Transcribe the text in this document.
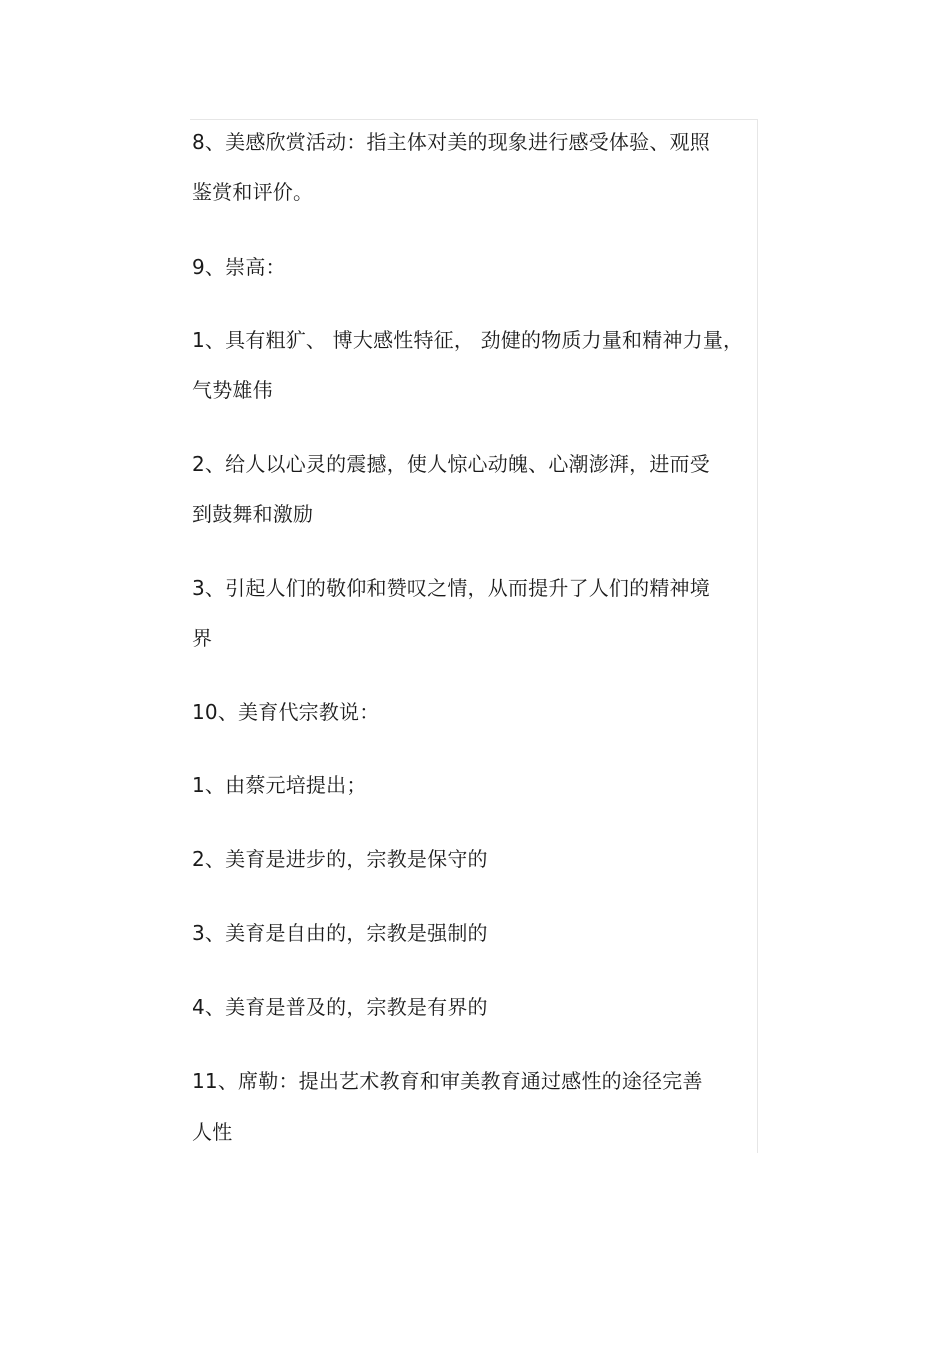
8、美感欣赏活动：指主体对美的现象进行感受体验、观照
鉴赏和评价。
9、崇高：
1、具有粗犷、 博大感性特征， 劲健的物质力量和精神力量，
气势雄伟
2、给人以心灵的震撼，使人惊心动魄、心潮澎湃，进而受
到鼓舞和激励
3、引起人们的敬仰和赞叹之情，从而提升了人们的精神境
界
10、美育代宗教说：
1、由蔡元培提出；
2、美育是进步的，宗教是保守的
3、美育是自由的，宗教是强制的
4、美育是普及的，宗教是有界的
11、席勒：提出艺术教育和审美教育通过感性的途径完善
人性
